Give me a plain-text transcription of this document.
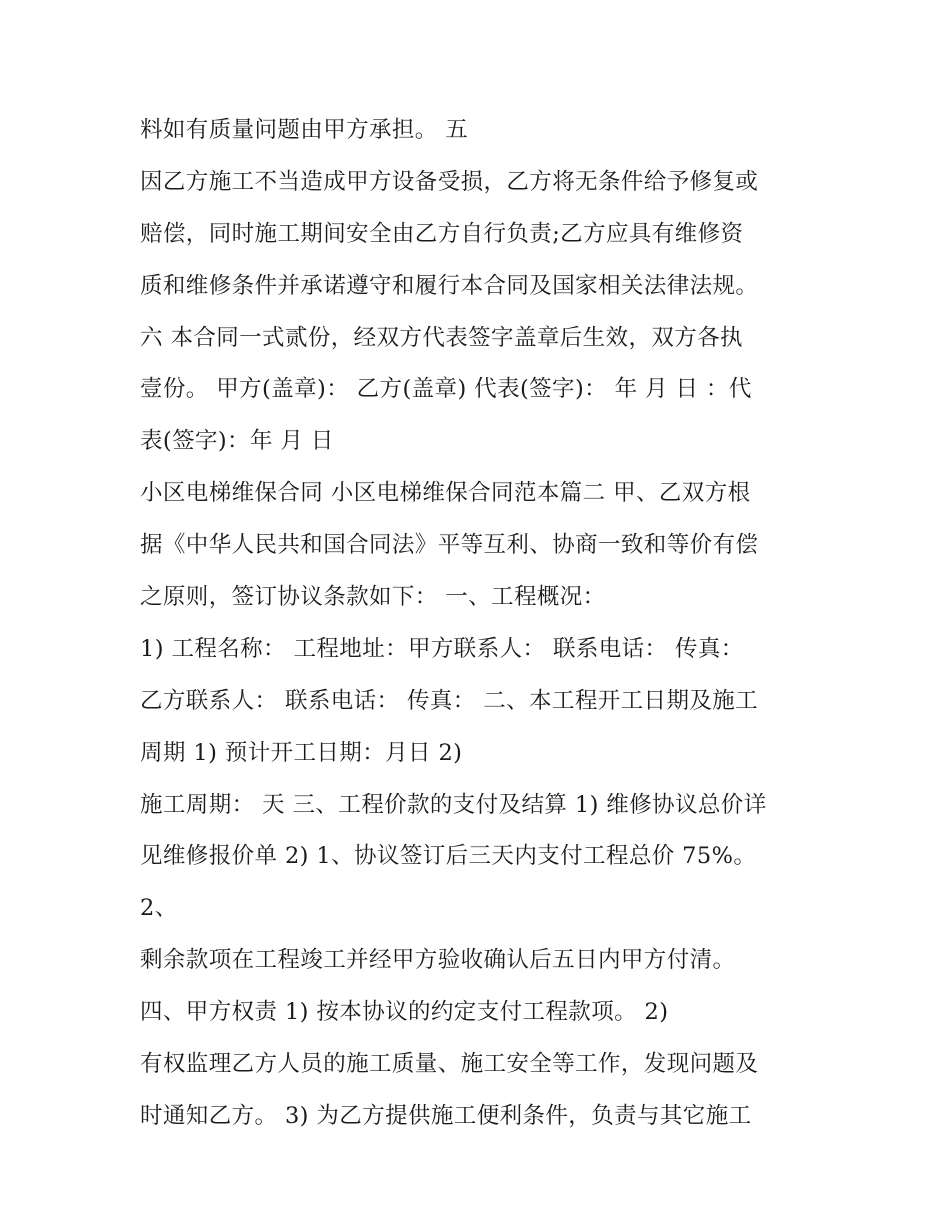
料如有质量问题由甲方承担。 五
因乙方施工不当造成甲方设备受损，乙方将无条件给予修复或
赔偿，同时施工期间安全由乙方自行负责;乙方应具有维修资
质和维修条件并承诺遵守和履行本合同及国家相关法律法规。
六 本合同一式贰份，经双方代表签字盖章后生效，双方各执
壹份。 甲方(盖章)： 乙方(盖章) 代表(签字)： 年 月 日 ：代
表(签字)：年 月 日
小区电梯维保合同 小区电梯维保合同范本篇二 甲、乙双方根
据《中华人民共和国合同法》平等互利、协商一致和等价有偿
之原则，签订协议条款如下： 一、工程概况：
1) 工程名称： 工程地址：甲方联系人： 联系电话： 传真：
乙方联系人： 联系电话： 传真： 二、本工程开工日期及施工
周期 1) 预计开工日期：月日 2)
施工周期： 天 三、工程价款的支付及结算 1) 维修协议总价详
见维修报价单 2) 1、协议签订后三天内支付工程总价 75%。
2、
剩余款项在工程竣工并经甲方验收确认后五日内甲方付清。
四、甲方权责 1) 按本协议的约定支付工程款项。 2)
有权监理乙方人员的施工质量、施工安全等工作，发现问题及
时通知乙方。 3) 为乙方提供施工便利条件，负责与其它施工
